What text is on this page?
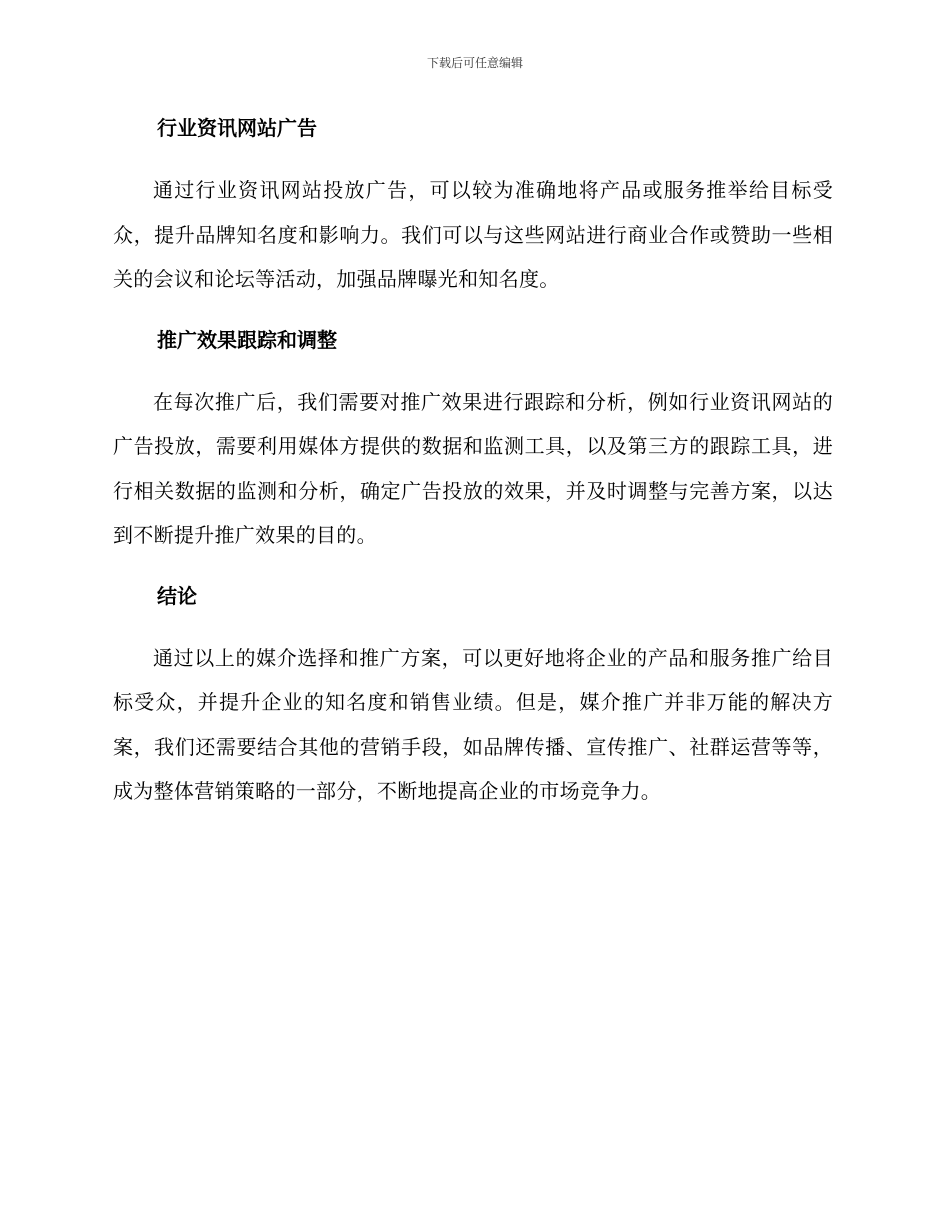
下载后可任意编辑
行业资讯网站广告

通过行业资讯网站投放广告，可以较为准确地将产品或服务推举给目标受众，提升品牌知名度和影响力。我们可以与这些网站进行商业合作或赞助一些相关的会议和论坛等活动，加强品牌曝光和知名度。

推广效果跟踪和调整

在每次推广后，我们需要对推广效果进行跟踪和分析，例如行业资讯网站的广告投放，需要利用媒体方提供的数据和监测工具，以及第三方的跟踪工具，进行相关数据的监测和分析，确定广告投放的效果，并及时调整与完善方案，以达到不断提升推广效果的目的。

结论

通过以上的媒介选择和推广方案，可以更好地将企业的产品和服务推广给目标受众，并提升企业的知名度和销售业绩。但是，媒介推广并非万能的解决方案，我们还需要结合其他的营销手段，如品牌传播、宣传推广、社群运营等等，成为整体营销策略的一部分，不断地提高企业的市场竞争力。
